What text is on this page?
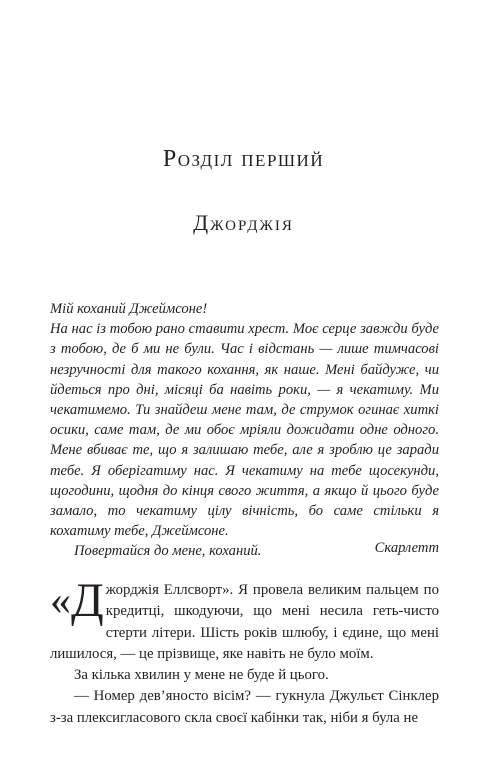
Розділ перший
Джорджія

Мій коханий Джеймсоне!

На нас із тобою рано ставити хрест. Моє серце завжди буде з тобою, де б ми не були. Час і відстань — лише тимчасові незручності для такого кохання, як наше. Мені байдуже, чи йдеться про дні, місяці ба навіть роки, — я чекатиму. Ми чекатимемо. Ти знайдеш мене там, де струмок огинає хиткі осики, саме там, де ми обоє мріяли дожидати одне одного. Мене вбиває те, що я залишаю тебе, але я зроблю це заради тебе. Я оберігатиму нас. Я чекатиму на тебе щосекунди, щогодини, щодня до кінця свого життя, а якщо й цього буде замало, то чекатиму цілу вічність, бо саме стільки я кохатиму тебе, Джеймсоне.

Повертайся до мене, коханий.	Скарлетт

« Д жорджія Еллсворт». Я провела великим пальцем по кредитці, шкодуючи, що мені несила геть-чисто стерти літери. Шість років шлюбу, і єдине, що мені лишилося, — це прізвище, яке навіть не було моїм.

За кілька хвилин у мене не буде й цього.

— Номер дев’яносто вісім? — гукнула Джульєт Сінклер з-за плексигласового скла своєї кабінки так, ніби я була не
